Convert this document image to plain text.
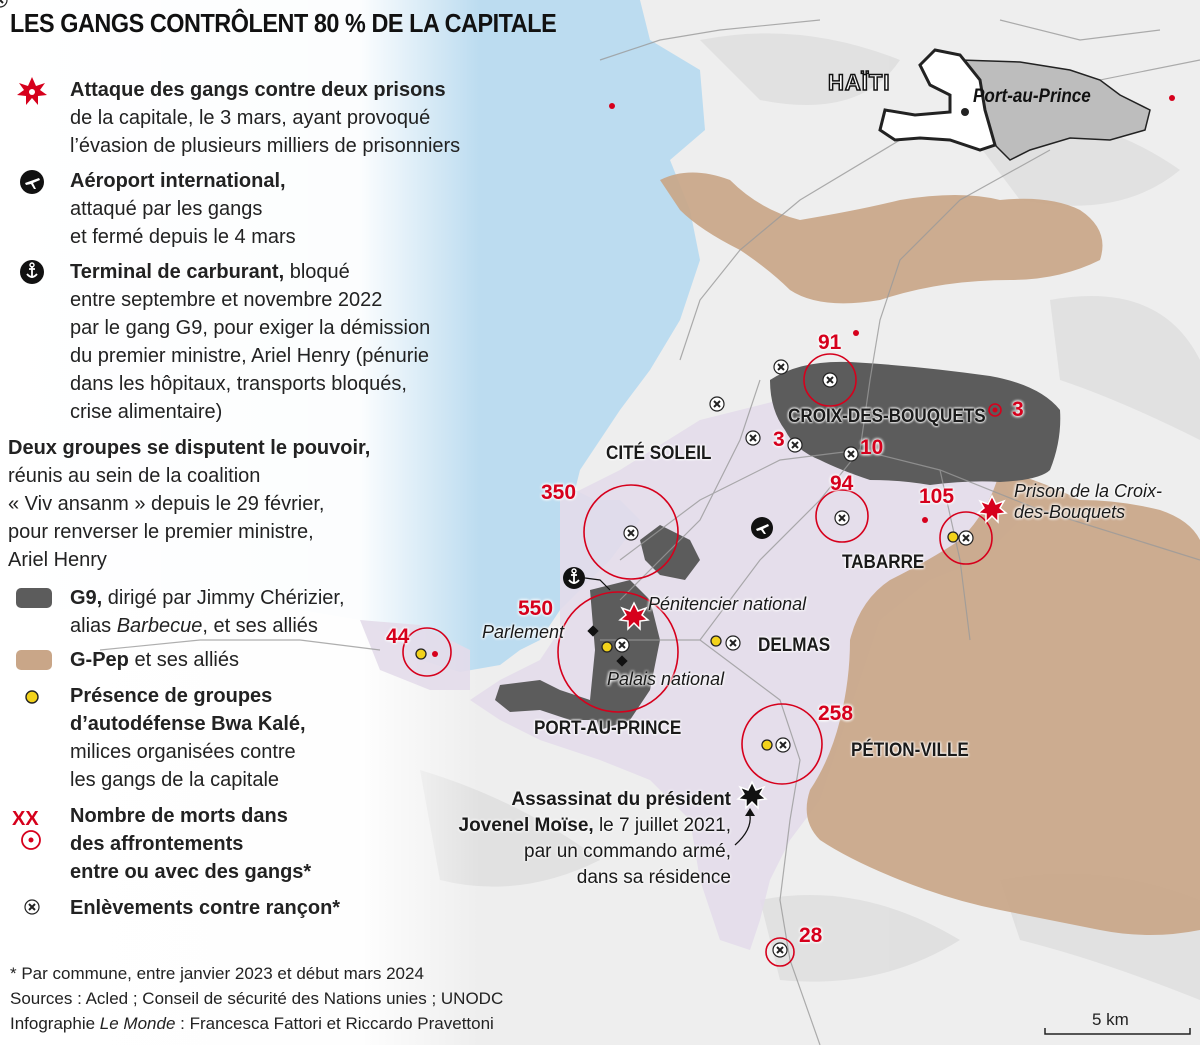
LES GANGS CONTRÔLENT 80 % DE LA CAPITALE
HAÏTI
Port-au-Prince
Attaque des gangs contre deux prisons
de la capitale, le 3 mars, ayant provoqué
l’évasion de plusieurs milliers de prisonniers
Aéroport international,
attaqué par les gangs
et fermé depuis le 4 mars
Terminal de carburant, bloqué
entre septembre et novembre 2022
par le gang G9, pour exiger la démission
du premier ministre, Ariel Henry (pénurie
dans les hôpitaux, transports bloqués,
crise alimentaire)
Deux groupes se disputent le pouvoir,
réunis au sein de la coalition
« Viv ansanm » depuis le 29 février,
pour renverser le premier ministre,
Ariel Henry
G9, dirigé par Jimmy Chérizier,
alias Barbecue, et ses alliés
G-Pep et ses alliés
Présence de groupes
d’autodéfense Bwa Kalé,
milices organisées contre
les gangs de la capitale
XX Nombre de morts dans
des affrontements
entre ou avec des gangs*
Enlèvements contre rançon*
CITÉ SOLEIL
CROIX-DES-BOUQUETS
TABARRE
DELMAS
PORT-AU-PRINCE
PÉTION-VILLE
Pénitencier national
Parlement
Palais national
Prison de la Croix-
des-Bouquets
91
3
3	10
94
105
350
550
44
258
28
Assassinat du président
Jovenel Moïse, le 7 juillet 2021,
par un commando armé,
dans sa résidence
* Par commune, entre janvier 2023 et début mars 2024
Sources : Acled ; Conseil de sécurité des Nations unies ; UNODC
Infographie Le Monde : Francesca Fattori et Riccardo Pravettoni	5 km
